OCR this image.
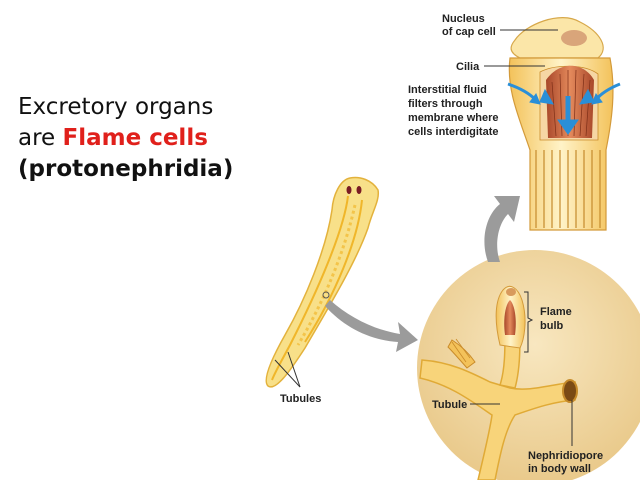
Excretory organs
are Flame cells
(protonephridia)
Tubules
Flame
bulb
Tubule
Nephridiopore
in body wall
Nucleus
of cap cell
Cilia
Interstitial fluid
filters through
membrane where
cells interdigitate
